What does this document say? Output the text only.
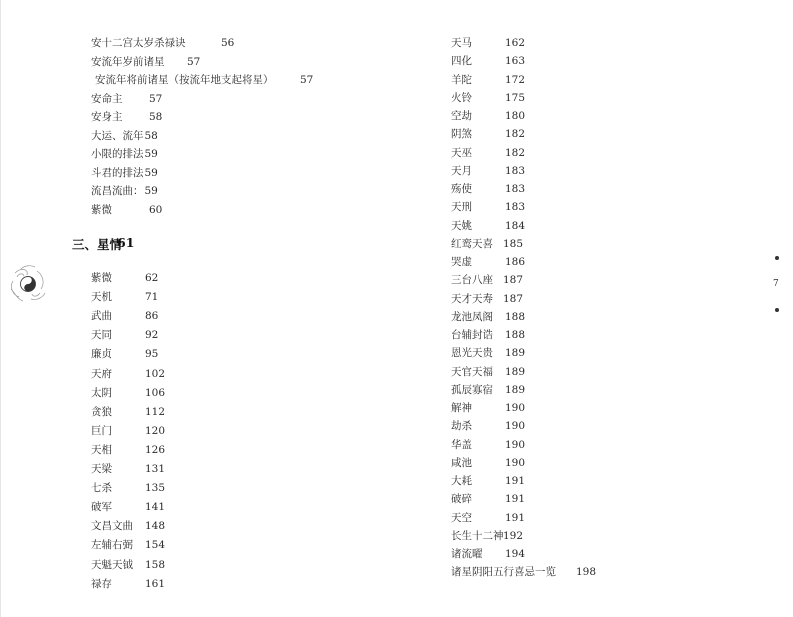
安十二宫太岁杀禄诀	56
安流年岁前诸星 57
安流年将前诸星（按流年地支起将星）	57
安命主	57
安身主	58
大运、流年58
小限的排法59
斗君的排法59
流昌流曲：59
紫微	60
三、星情
61
紫微	62
天机	71
武曲	86
天同	92
廉贞	95
天府	102
太阴	106
贪狼	112
巨门	120
天相	126
天梁	131
七杀	135
破军	141
文昌文曲 148
左辅右弼 154
天魁天钺 158
禄存	161
天马	162
四化	163
羊陀	172
火铃	175
空劫	180
阴煞	182
天巫	182
天月	183
殇使	183
天刑	183
天姚	184
红鸾天喜 185
哭虚	186
三台八座 187
天才天寿 187
龙池凤阁 188
台辅封诰 188
恩光天贵 189
天官天福 189
孤辰寡宿 189
解神	190
劫杀	190
华盖	190
咸池	190
大耗	191
破碎	191
天空	191
长生十二神 192
诸流曜 194
诸星阴阳五行喜忌一览 198
7
